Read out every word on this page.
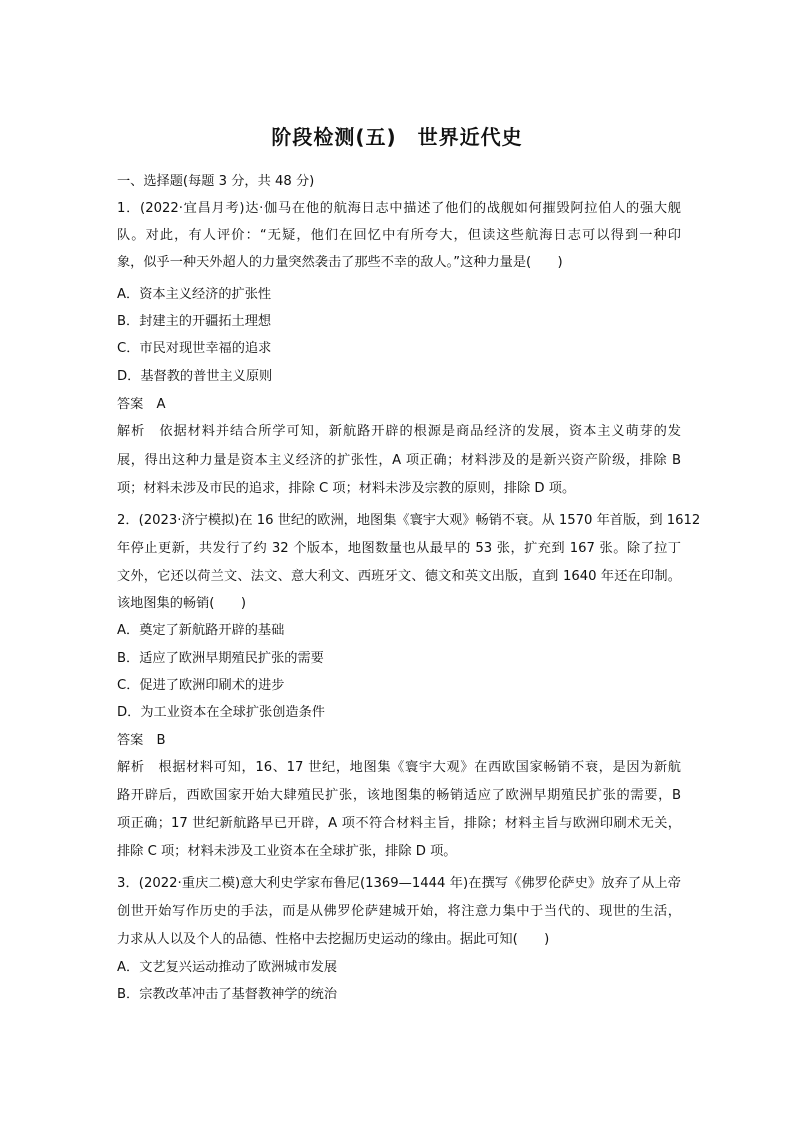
阶段检测(五)　世界近代史
一、选择题(每题 3 分，共 48 分)
1．(2022·宜昌月考)达·伽马在他的航海日志中描述了他们的战舰如何摧毁阿拉伯人的强大舰
队。对此，有人评价：“无疑，他们在回忆中有所夸大，但读这些航海日志可以得到一种印
象，似乎一种天外超人的力量突然袭击了那些不幸的敌人。”这种力量是(　　)
A．资本主义经济的扩张性
B．封建主的开疆拓土理想
C．市民对现世幸福的追求
D．基督教的普世主义原则
答案　A
解析　依据材料并结合所学可知，新航路开辟的根源是商品经济的发展，资本主义萌芽的发
展，得出这种力量是资本主义经济的扩张性，A 项正确；材料涉及的是新兴资产阶级，排除 B
项；材料未涉及市民的追求，排除 C 项；材料未涉及宗教的原则，排除 D 项。
2．(2023·济宁模拟)在 16 世纪的欧洲，地图集《寰宇大观》畅销不衰。从 1570 年首版，到 1612
年停止更新，共发行了约 32 个版本，地图数量也从最早的 53 张，扩充到 167 张。除了拉丁
文外，它还以荷兰文、法文、意大利文、西班牙文、德文和英文出版，直到 1640 年还在印制。
该地图集的畅销(　　)
A．奠定了新航路开辟的基础
B．适应了欧洲早期殖民扩张的需要
C．促进了欧洲印刷术的进步
D．为工业资本在全球扩张创造条件
答案　B
解析　根据材料可知，16、17 世纪，地图集《寰宇大观》在西欧国家畅销不衰，是因为新航
路开辟后，西欧国家开始大肆殖民扩张，该地图集的畅销适应了欧洲早期殖民扩张的需要，B
项正确；17 世纪新航路早已开辟，A 项不符合材料主旨，排除；材料主旨与欧洲印刷术无关，
排除 C 项；材料未涉及工业资本在全球扩张，排除 D 项。
3．(2022·重庆二模)意大利史学家布鲁尼(1369—1444 年)在撰写《佛罗伦萨史》放弃了从上帝
创世开始写作历史的手法，而是从佛罗伦萨建城开始，将注意力集中于当代的、现世的生活，
力求从人以及个人的品德、性格中去挖掘历史运动的缘由。据此可知(　　)
A．文艺复兴运动推动了欧洲城市发展
B．宗教改革冲击了基督教神学的统治
